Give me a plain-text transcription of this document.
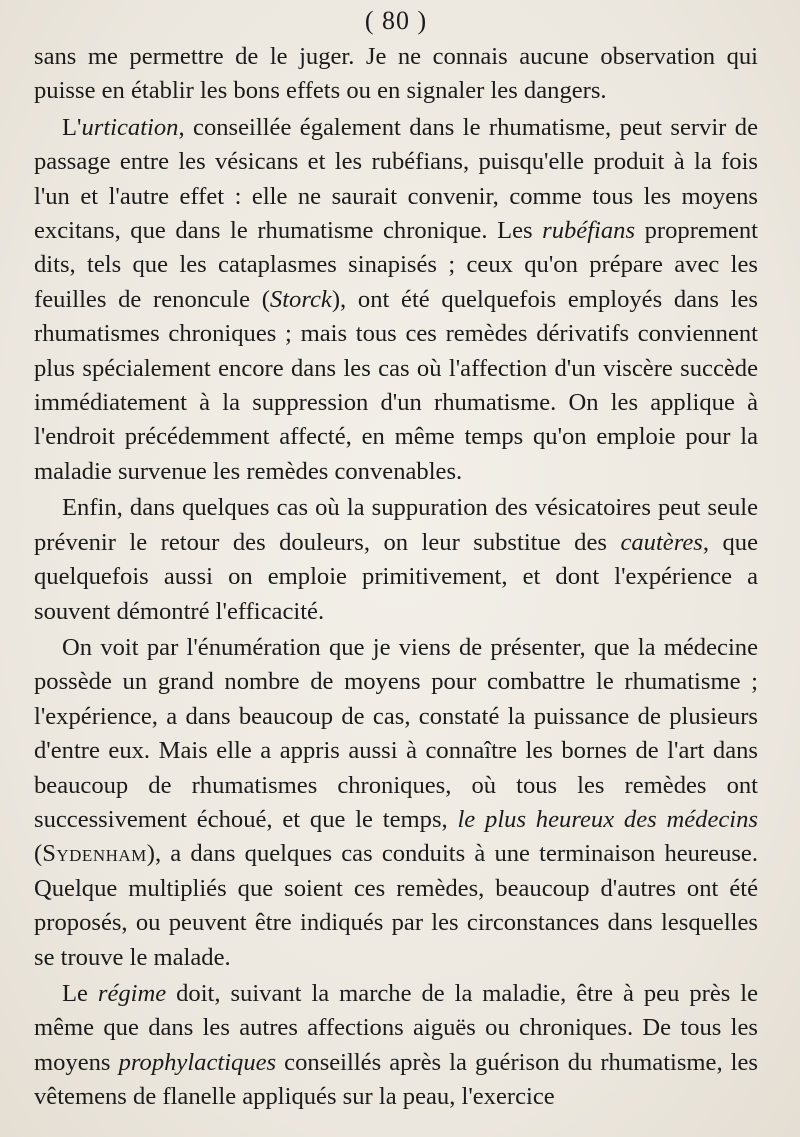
( 80 )

sans me permettre de le juger. Je ne connais aucune observation qui puisse en établir les bons effets ou en signaler les dangers.

L'urtication, conseillée également dans le rhumatisme, peut servir de passage entre les vésicans et les rubéfians, puisqu'elle produit à la fois l'un et l'autre effet : elle ne saurait convenir, comme tous les moyens excitans, que dans le rhumatisme chronique. Les rubéfians proprement dits, tels que les cataplasmes sinapisés ; ceux qu'on prépare avec les feuilles de renoncule (Storck), ont été quelquefois employés dans les rhumatismes chroniques ; mais tous ces remèdes dérivatifs conviennent plus spécialement encore dans les cas où l'affection d'un viscère succède immédiatement à la suppression d'un rhumatisme. On les applique à l'endroit précédemment affecté, en même temps qu'on emploie pour la maladie survenue les remèdes convenables.

Enfin, dans quelques cas où la suppuration des vésicatoires peut seule prévenir le retour des douleurs, on leur substitue des cautères, que quelquefois aussi on emploie primitivement, et dont l'expérience a souvent démontré l'efficacité.

On voit par l'énumération que je viens de présenter, que la médecine possède un grand nombre de moyens pour combattre le rhumatisme ; l'expérience, a dans beaucoup de cas, constaté la puissance de plusieurs d'entre eux. Mais elle a appris aussi à connaître les bornes de l'art dans beaucoup de rhumatismes chroniques, où tous les remèdes ont successivement échoué, et que le temps, le plus heureux des médecins (Sydenham), a dans quelques cas conduits à une terminaison heureuse. Quelque multipliés que soient ces remèdes, beaucoup d'autres ont été proposés, ou peuvent être indiqués par les circonstances dans lesquelles se trouve le malade.

Le régime doit, suivant la marche de la maladie, être à peu près le même que dans les autres affections aiguës ou chroniques. De tous les moyens prophylactiques conseillés après la guérison du rhumatisme, les vêtemens de flanelle appliqués sur la peau, l'exercice
